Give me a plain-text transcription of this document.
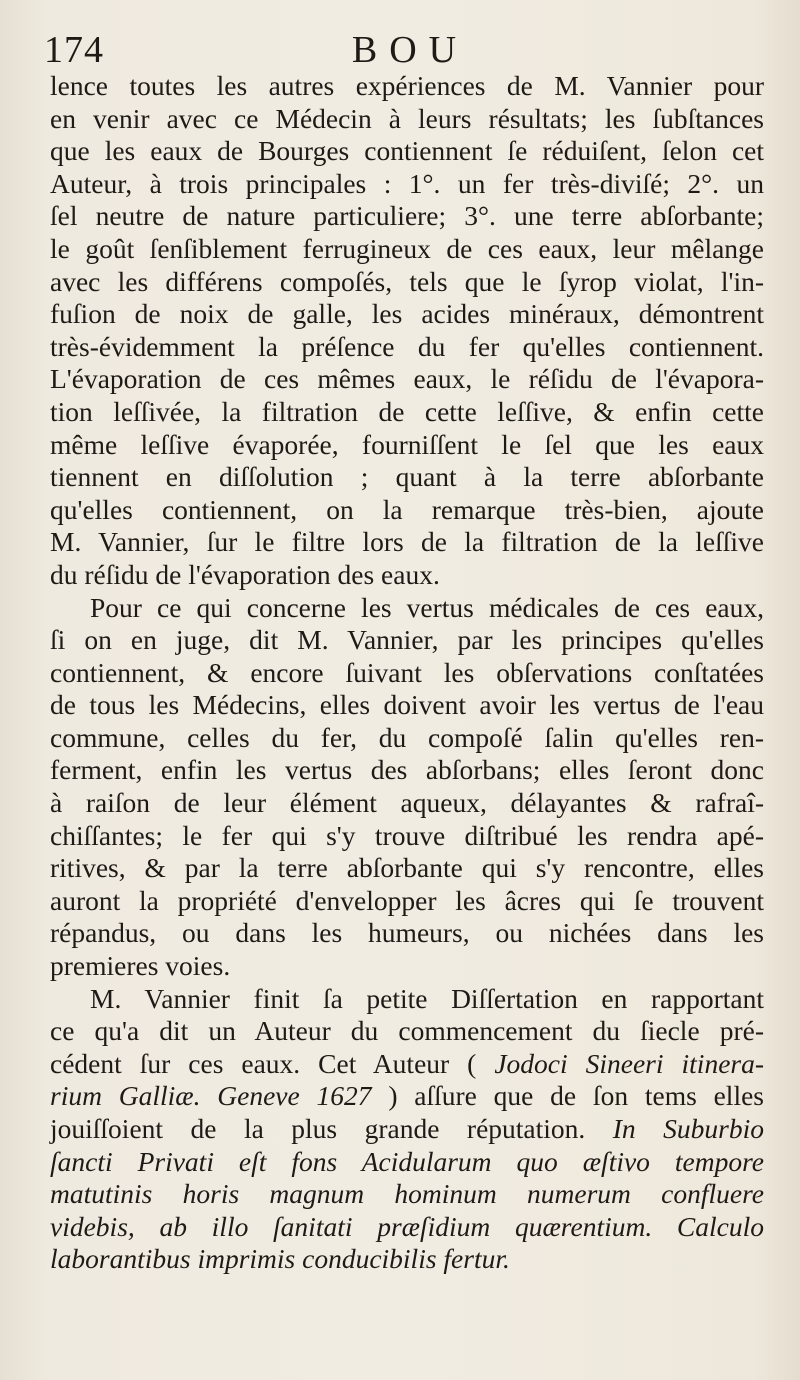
174	BOU
lence toutes les autres expériences de M. Vannier pour
en venir avec ce Médecin à leurs résultats; les ſubſtances
que les eaux de Bourges contiennent ſe réduiſent, ſelon cet
Auteur, à trois principales : 1°. un fer très-diviſé; 2°. un
ſel neutre de nature particuliere; 3°. une terre abſorbante;
le goût ſenſiblement ferrugineux de ces eaux, leur mêlange
avec les différens compoſés, tels que le ſyrop violat, l'in-
fuſion de noix de galle, les acides minéraux, démontrent
très-évidemment la préſence du fer qu'elles contiennent.
L'évaporation de ces mêmes eaux, le réſidu de l'évapora-
tion leſſivée, la filtration de cette leſſive, & enfin cette
même leſſive évaporée, fourniſſent le ſel que les eaux
tiennent en diſſolution ; quant à la terre abſorbante
qu'elles contiennent, on la remarque très-bien, ajoute
M. Vannier, ſur le filtre lors de la filtration de la leſſive
du réſidu de l'évaporation des eaux.
Pour ce qui concerne les vertus médicales de ces eaux,
ſi on en juge, dit M. Vannier, par les principes qu'elles
contiennent, & encore ſuivant les obſervations conſtatées
de tous les Médecins, elles doivent avoir les vertus de l'eau
commune, celles du fer, du compoſé ſalin qu'elles ren-
ferment, enfin les vertus des abſorbans; elles ſeront donc
à raiſon de leur élément aqueux, délayantes & rafraî-
chiſſantes; le fer qui s'y trouve diſtribué les rendra apé-
ritives, & par la terre abſorbante qui s'y rencontre, elles
auront la propriété d'envelopper les âcres qui ſe trouvent
répandus, ou dans les humeurs, ou nichées dans les
premieres voies.
M. Vannier finit ſa petite Diſſertation en rapportant
ce qu'a dit un Auteur du commencement du ſiecle pré-
cédent ſur ces eaux. Cet Auteur ( Jodoci Sineeri itinera-
rium Galliæ. Geneve 1627 ) aſſure que de ſon tems elles
jouiſſoient de la plus grande réputation. In Suburbio
ſancti Privati eſt fons Acidularum quo æſtivo tempore
matutinis horis magnum hominum numerum confluere
videbis, ab illo ſanitati præſidium quærentium. Calculo
laborantibus imprimis conducibilis fertur.
